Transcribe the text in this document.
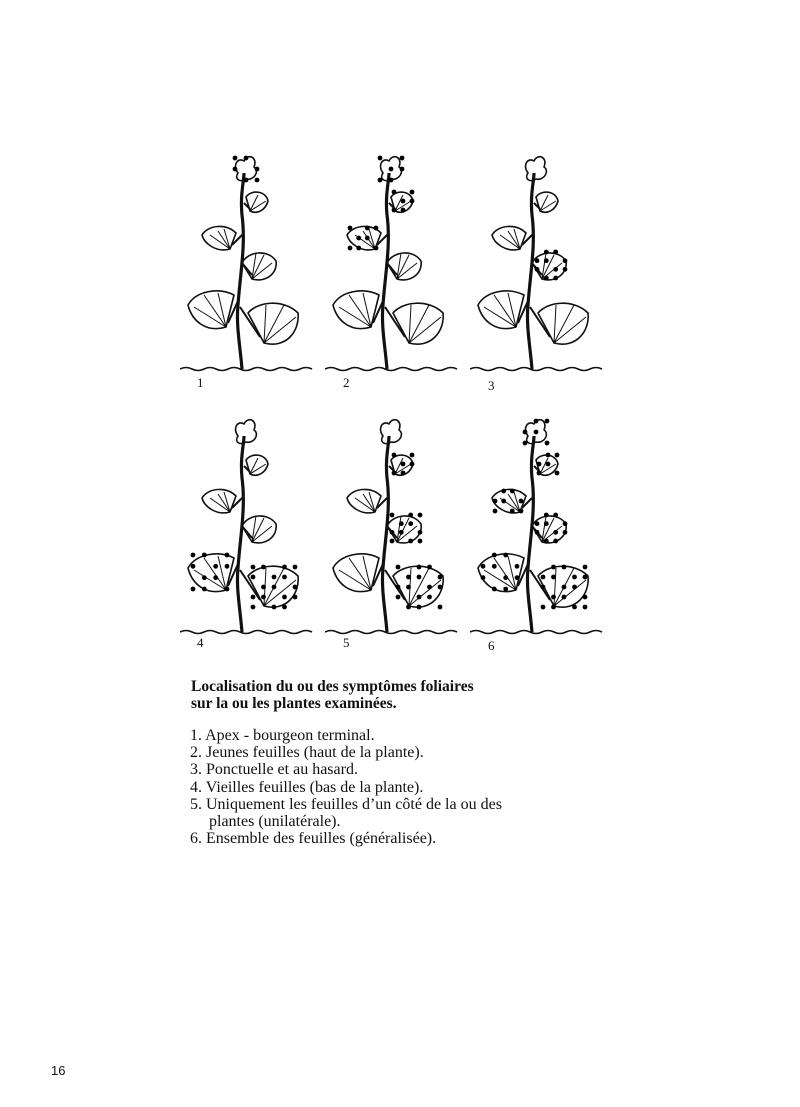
1	2	3
4	5	6
Localisation du ou des symptômes foliaires
sur la ou les plantes examinées.
1. Apex - bourgeon terminal.
2. Jeunes feuilles (haut de la plante).
3. Ponctuelle et au hasard.
4. Vieilles feuilles (bas de la plante).
5. Uniquement les feuilles d’un côté de la ou des plantes (unilatérale).
6. Ensemble des feuilles (généralisée).
16
